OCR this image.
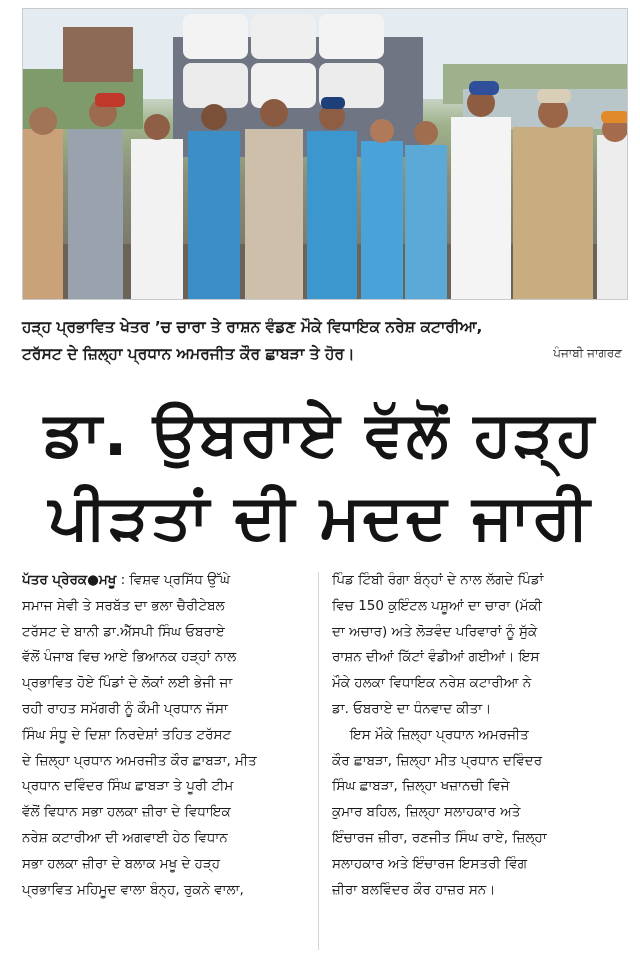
ਹੜ੍ਹ ਪ੍ਰਭਾਵਿਤ ਖੇਤਰ ’ਚ ਚਾਰਾ ਤੇ ਰਾਸ਼ਨ ਵੰਡਣ ਮੌਕੇ ਵਿਧਾਇਕ ਨਰੇਸ਼ ਕਟਾਰੀਆ,
ਟਰੱਸਟ ਦੇ ਜ਼ਿਲ੍ਹਾ ਪ੍ਰਧਾਨ ਅਮਰਜੀਤ ਕੌਰ ਛਾਬੜਾ ਤੇ ਹੋਰ।	ਪੰਜਾਬੀ ਜਾਗਰਣ
ਡਾ. ਉਬਰਾਏ ਵੱਲੋਂ ਹੜ੍ਹ
ਪੀੜਤਾਂ ਦੀ ਮਦਦ ਜਾਰੀ
ਪੱਤਰ ਪ੍ਰੇਰਕ●ਮਖੂ : ਵਿਸ਼ਵ ਪ੍ਰਸਿੱਧ ਉੱਘੇ
ਸਮਾਜ ਸੇਵੀ ਤੇ ਸਰਬੱਤ ਦਾ ਭਲਾ ਚੈਰੀਟੇਬਲ
ਟਰੱਸਟ ਦੇ ਬਾਨੀ ਡਾ.ਐੱਸਪੀ ਸਿੰਘ ਓਬਰਾਏ
ਵੱਲੋਂ ਪੰਜਾਬ ਵਿਚ ਆਏ ਭਿਆਨਕ ਹੜ੍ਹਾਂ ਨਾਲ
ਪ੍ਰਭਾਵਿਤ ਹੋਏ ਪਿੰਡਾਂ ਦੇ ਲੋਕਾਂ ਲਈ ਭੇਜੀ ਜਾ
ਰਹੀ ਰਾਹਤ ਸਮੱਗਰੀ ਨੂੰ ਕੌਮੀ ਪ੍ਰਧਾਨ ਜੱਸਾ
ਸਿੰਘ ਸੰਧੂ ਦੇ ਦਿਸ਼ਾ ਨਿਰਦੇਸ਼ਾਂ ਤਹਿਤ ਟਰੱਸਟ
ਦੇ ਜ਼ਿਲ੍ਹਾ ਪ੍ਰਧਾਨ ਅਮਰਜੀਤ ਕੌਰ ਛਾਬੜਾ, ਮੀਤ
ਪ੍ਰਧਾਨ ਦਵਿੰਦਰ ਸਿੰਘ ਛਾਬੜਾ ਤੇ ਪੂਰੀ ਟੀਮ
ਵੱਲੋਂ ਵਿਧਾਨ ਸਭਾ ਹਲਕਾ ਜ਼ੀਰਾ ਦੇ ਵਿਧਾਇਕ
ਨਰੇਸ਼ ਕਟਾਰੀਆ ਦੀ ਅਗਵਾਈ ਹੇਠ ਵਿਧਾਨ
ਸਭਾ ਹਲਕਾ ਜ਼ੀਰਾ ਦੇ ਬਲਾਕ ਮਖੂ ਦੇ ਹੜ੍ਹ
ਪ੍ਰਭਾਵਿਤ ਮਹਿਮੂਦ ਵਾਲਾ ਬੰਨ੍ਹ, ਰੁਕਨੇ ਵਾਲਾ,
ਪਿੰਡ ਟਿੰਬੀ ਰੰਗਾ ਬੰਨ੍ਹਾਂ ਦੇ ਨਾਲ ਲੱਗਦੇ ਪਿੰਡਾਂ
ਵਿਚ 150 ਕੁਇੰਟਲ ਪਸ਼ੂਆਂ ਦਾ ਚਾਰਾ (ਮੱਕੀ
ਦਾ ਅਚਾਰ) ਅਤੇ ਲੋੜਵੰਦ ਪਰਿਵਾਰਾਂ ਨੂੰ ਸੁੱਕੇ
ਰਾਸ਼ਨ ਦੀਆਂ ਕਿੱਟਾਂ ਵੰਡੀਆਂ ਗਈਆਂ। ਇਸ
ਮੌਕੇ ਹਲਕਾ ਵਿਧਾਇਕ ਨਰੇਸ਼ ਕਟਾਰੀਆ ਨੇ
ਡਾ. ਓਬਰਾਏ ਦਾ ਧੰਨਵਾਦ ਕੀਤਾ।
ਇਸ ਮੌਕੇ ਜ਼ਿਲ੍ਹਾ ਪ੍ਰਧਾਨ ਅਮਰਜੀਤ
ਕੌਰ ਛਾਬੜਾ, ਜ਼ਿਲ੍ਹਾ ਮੀਤ ਪ੍ਰਧਾਨ ਦਵਿੰਦਰ
ਸਿੰਘ ਛਾਬੜਾ, ਜ਼ਿਲ੍ਹਾ ਖਜ਼ਾਨਚੀ ਵਿਜੇ
ਕੁਮਾਰ ਬਹਿਲ, ਜ਼ਿਲ੍ਹਾ ਸਲਾਹਕਾਰ ਅਤੇ
ਇੰਚਾਰਜ ਜ਼ੀਰਾ, ਰਣਜੀਤ ਸਿੰਘ ਰਾਏ, ਜ਼ਿਲ੍ਹਾ
ਸਲਾਹਕਾਰ ਅਤੇ ਇੰਚਾਰਜ ਇਸਤਰੀ ਵਿੰਗ
ਜ਼ੀਰਾ ਬਲਵਿੰਦਰ ਕੌਰ ਹਾਜ਼ਰ ਸਨ।
